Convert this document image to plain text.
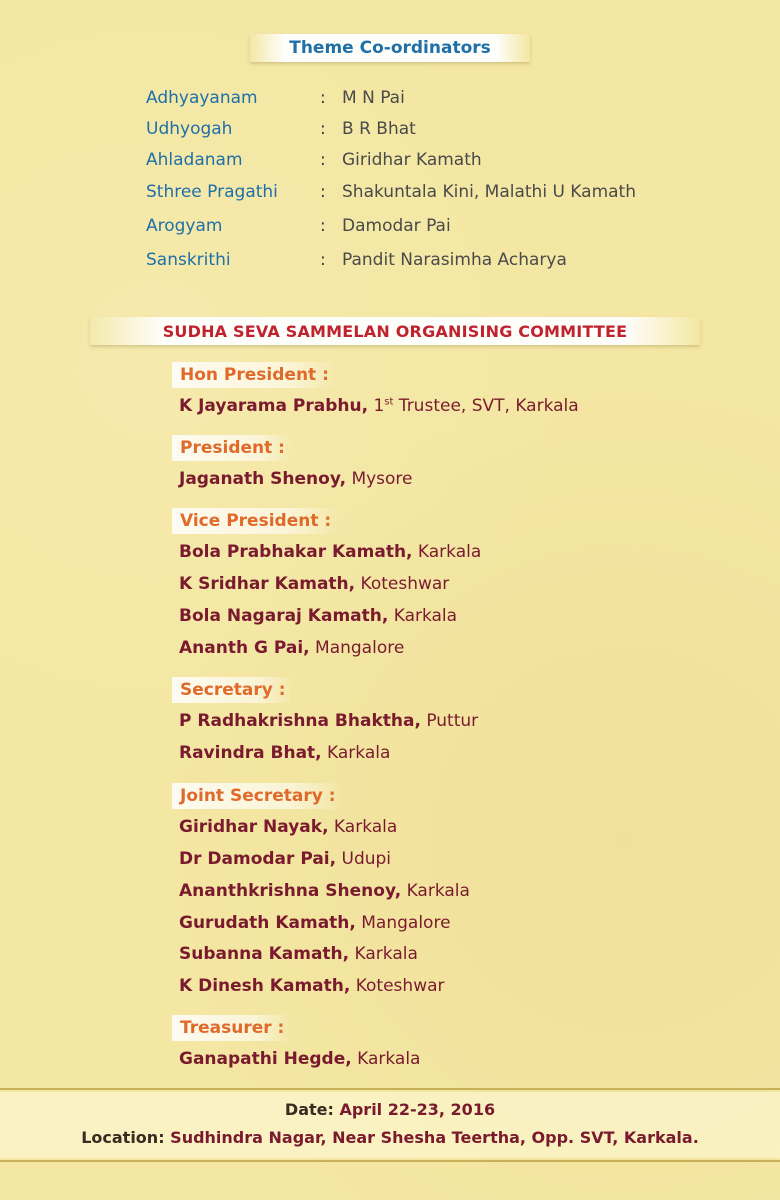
Theme Co-ordinators
Adhyayanam	: M N Pai
Udhyogah	: B R Bhat
Ahladanam	: Giridhar Kamath
Sthree Pragathi	: Shakuntala Kini, Malathi U Kamath
Arogyam	: Damodar Pai
Sanskrithi	: Pandit Narasimha Acharya
SUDHA SEVA SAMMELAN ORGANISING COMMITTEE
Hon President :
K Jayarama Prabhu, 1st Trustee, SVT, Karkala
President :
Jaganath Shenoy, Mysore
Vice President :
Bola Prabhakar Kamath, Karkala
K Sridhar Kamath, Koteshwar
Bola Nagaraj Kamath, Karkala
Ananth G Pai, Mangalore
Secretary :
P Radhakrishna Bhaktha, Puttur
Ravindra Bhat, Karkala
Joint Secretary :
Giridhar Nayak, Karkala
Dr Damodar Pai, Udupi
Ananthkrishna Shenoy, Karkala
Gurudath Kamath, Mangalore
Subanna Kamath, Karkala
K Dinesh Kamath, Koteshwar
Treasurer :
Ganapathi Hegde, Karkala
Date: April 22-23, 2016
Location: Sudhindra Nagar, Near Shesha Teertha, Opp. SVT, Karkala.
